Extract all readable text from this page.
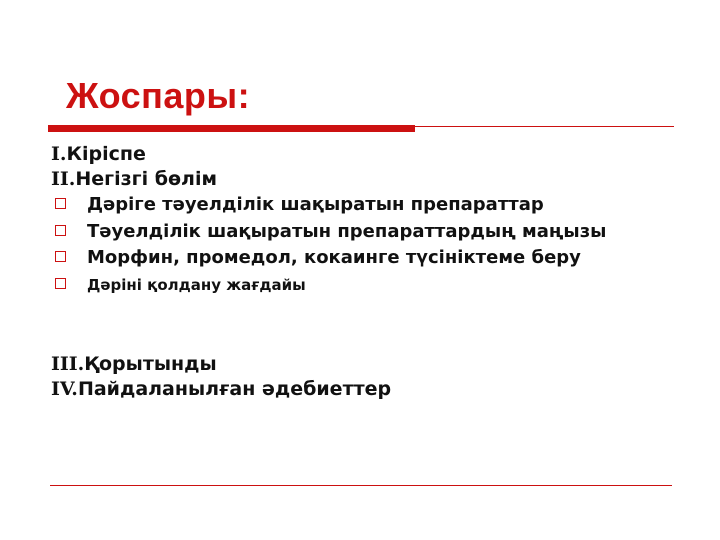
Жоспары:
I.Кіріспе
II.Негізгі бөлім
Дәріге тәуелділік шақыратын препараттар
Тәуелділік шақыратын препараттардың маңызы
Морфин, промедол, кокаинге түсініктеме беру
Дәріні қолдану жағдайы
III.Қорытынды
IV.Пайдаланылған әдебиеттер
